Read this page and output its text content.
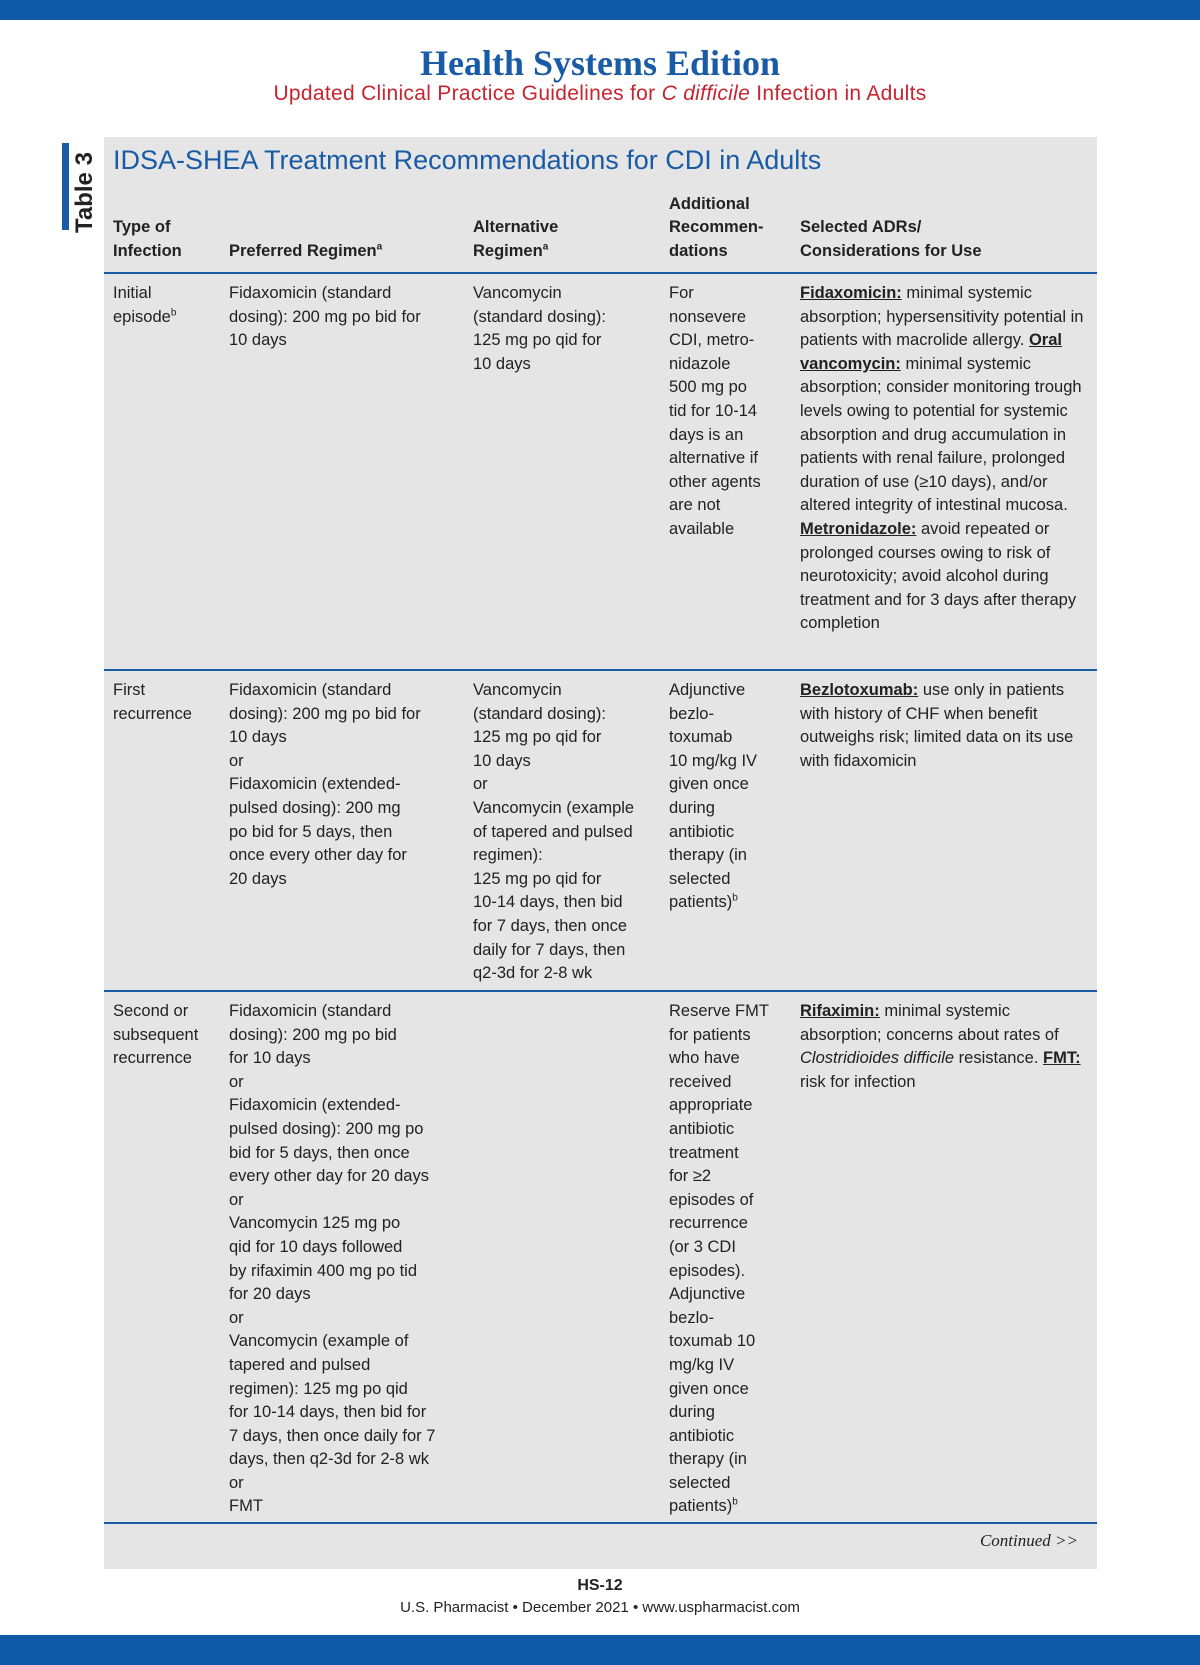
Health Systems Edition
Updated Clinical Practice Guidelines for C difficile Infection in Adults
Table 3 IDSA-SHEA Treatment Recommendations for CDI in Adults
Type of
Infection	Preferred Regimen$^a$
Alternative
Regimen$^a$
Additional
Recommen-
dations
Selected ADRs/
Considerations for Use
Initial
episode$^b$
Fidaxomicin (standard
dosing): 200 mg po bid for
10 days
Vancomycin
(standard dosing):
125 mg po qid for
10 days
For
nonsevere
CDI, metro-
nidazole
500 mg po
tid for 10-14
days is an
alternative if
other agents
are not
available
Fidaxomicin: minimal systemic absorption; hypersensitivity potential in patients with macrolide allergy. Oral vancomycin: minimal systemic absorption; consider monitoring trough levels owing to potential for systemic absorption and drug accumulation in patients with renal failure, prolonged duration of use (≥10 days), and/or altered integrity of intestinal mucosa. Metronidazole: avoid repeated or prolonged courses owing to risk of neurotoxicity; avoid alcohol during treatment and for 3 days after therapy completion
First
recurrence
Fidaxomicin (standard
dosing): 200 mg po bid for
10 days
or
Fidaxomicin (extended-
pulsed dosing): 200 mg
po bid for 5 days, then
once every other day for
20 days
Vancomycin
(standard dosing):
125 mg po qid for
10 days
or
Vancomycin (example
of tapered and pulsed
regimen):
125 mg po qid for
10-14 days, then bid
for 7 days, then once
daily for 7 days, then
q2-3d for 2-8 wk
Adjunctive
bezlo-
toxumab
10 mg/kg IV
given once
during
antibiotic
therapy (in
selected
patients)$^b$
Bezlotoxumab: use only in patients with history of CHF when benefit outweighs risk; limited data on its use with fidaxomicin
Second or
subsequent
recurrence
Fidaxomicin (standard
dosing): 200 mg po bid
for 10 days
or
Fidaxomicin (extended-
pulsed dosing): 200 mg po
bid for 5 days, then once
every other day for 20 days
or
Vancomycin 125 mg po
qid for 10 days followed
by rifaximin 400 mg po tid
for 20 days
or
Vancomycin (example of
tapered and pulsed
regimen): 125 mg po qid
for 10-14 days, then bid for
7 days, then once daily for 7
days, then q2-3d for 2-8 wk
or
FMT
Reserve FMT
for patients
who have
received
appropriate
antibiotic
treatment
for ≥2
episodes of
recurrence
(or 3 CDI
episodes).
Adjunctive
bezlo-
toxumab 10
mg/kg IV
given once
during
antibiotic
therapy (in
selected
patients)$^b$
Rifaximin: minimal systemic absorption; concerns about rates of Clostridioides difficile resistance. FMT: risk for infection
Continued >>
HS-12
U.S. Pharmacist • December 2021 • www.uspharmacist.com
